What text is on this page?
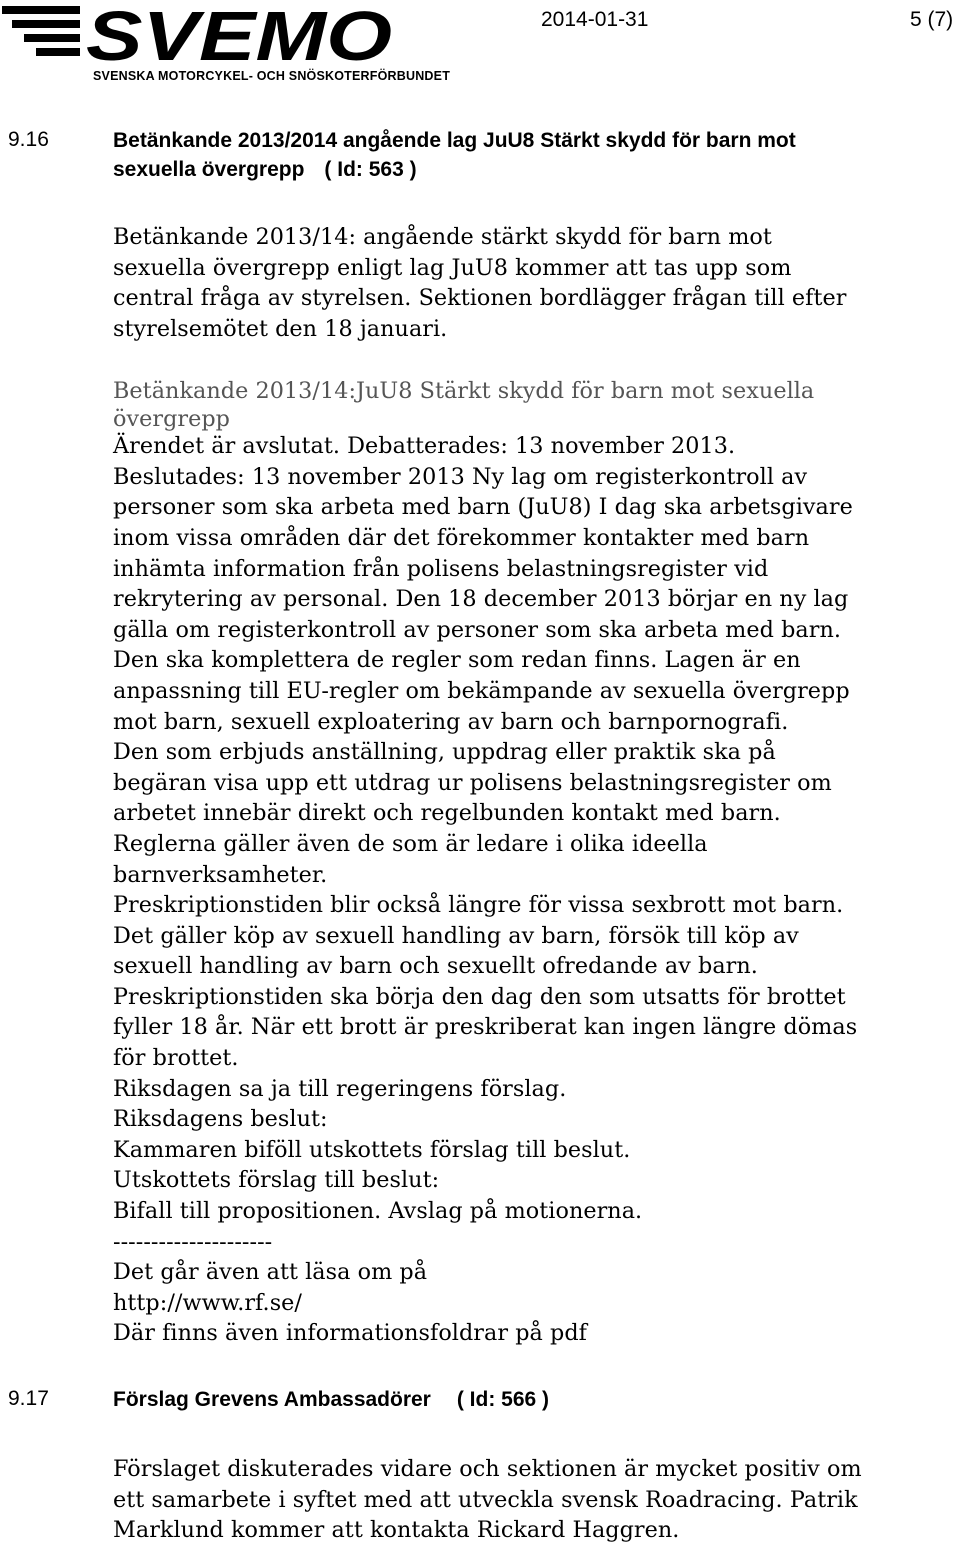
SVEMO
SVENSKA MOTORCYKEL- OCH SNÖSKOTERFÖRBUNDET
2014-01-31	5 (7)
9.16	Betänkande 2013/2014 angående lag JuU8 Stärkt skydd för barn mot
sexuella övergrepp ( Id: 563 )
Betänkande 2013/14: angående stärkt skydd för barn mot
sexuella övergrepp enligt lag JuU8 kommer att tas upp som
central fråga av styrelsen. Sektionen bordlägger frågan till efter
styrelsemötet den 18 januari.
Betänkande 2013/14:JuU8 Stärkt skydd för barn mot sexuella
övergrepp
Ärendet är avslutat. Debatterades: 13 november 2013.
Beslutades: 13 november 2013 Ny lag om registerkontroll av
personer som ska arbeta med barn (JuU8) I dag ska arbetsgivare
inom vissa områden där det förekommer kontakter med barn
inhämta information från polisens belastningsregister vid
rekrytering av personal. Den 18 december 2013 börjar en ny lag
gälla om registerkontroll av personer som ska arbeta med barn.
Den ska komplettera de regler som redan finns. Lagen är en
anpassning till EU-regler om bekämpande av sexuella övergrepp
mot barn, sexuell exploatering av barn och barnpornografi.
Den som erbjuds anställning, uppdrag eller praktik ska på
begäran visa upp ett utdrag ur polisens belastningsregister om
arbetet innebär direkt och regelbunden kontakt med barn.
Reglerna gäller även de som är ledare i olika ideella
barnverksamheter.
Preskriptionstiden blir också längre för vissa sexbrott mot barn.
Det gäller köp av sexuell handling av barn, försök till köp av
sexuell handling av barn och sexuellt ofredande av barn.
Preskriptionstiden ska börja den dag den som utsatts för brottet
fyller 18 år. När ett brott är preskriberat kan ingen längre dömas
för brottet.
Riksdagen sa ja till regeringens förslag.
Riksdagens beslut:
Kammaren biföll utskottets förslag till beslut.
Utskottets förslag till beslut:
Bifall till propositionen. Avslag på motionerna.
---------------------
Det går även att läsa om på
http://www.rf.se/
Där finns även informationsfoldrar på pdf
9.17	Förslag Grevens Ambassadörer ( Id: 566 )
Förslaget diskuterades vidare och sektionen är mycket positiv om
ett samarbete i syftet med att utveckla svensk Roadracing. Patrik
Marklund kommer att kontakta Rickard Haggren.
